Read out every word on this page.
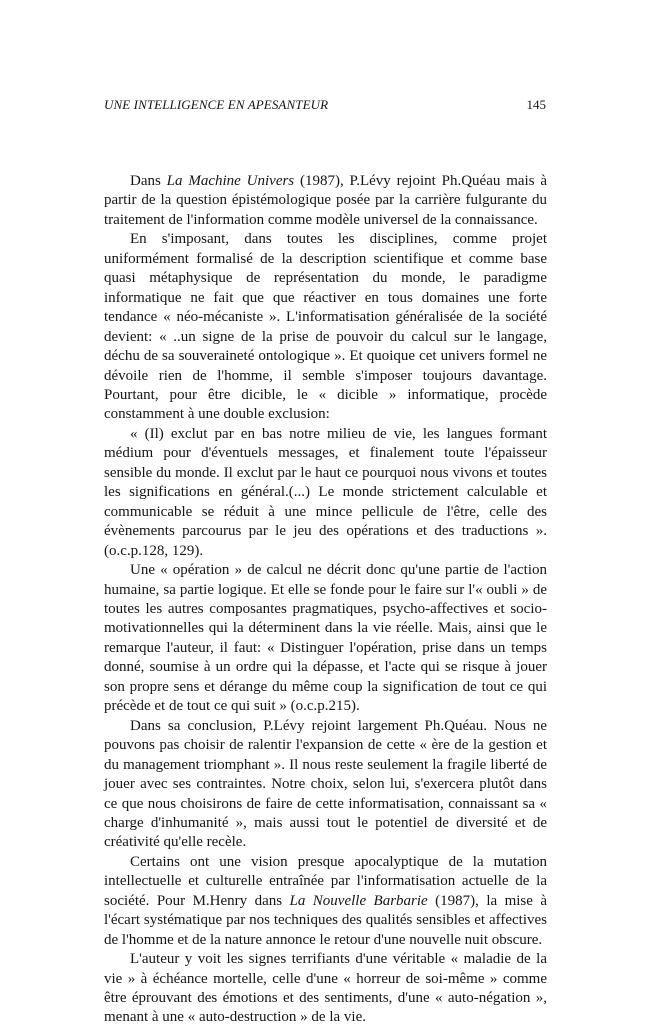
UNE INTELLIGENCE EN APESANTEUR	145

Dans La Machine Univers (1987), P.Lévy rejoint Ph.Quéau mais à partir de la question épistémologique posée par la carrière fulgurante du traitement de l'information comme modèle universel de la connaissance.

En s'imposant, dans toutes les disciplines, comme projet uniformément formalisé de la description scientifique et comme base quasi métaphysique de représentation du monde, le paradigme informatique ne fait que que réactiver en tous domaines une forte tendance « néo-mécaniste ». L'informatisation généralisée de la société devient: « ..un signe de la prise de pouvoir du calcul sur le langage, déchu de sa souveraineté ontologique ». Et quoique cet univers formel ne dévoile rien de l'homme, il semble s'imposer toujours davantage. Pourtant, pour être dicible, le « dicible » informatique, procède constamment à une double exclusion:

« (Il) exclut par en bas notre milieu de vie, les langues formant médium pour d'éventuels messages, et finalement toute l'épaisseur sensible du monde. Il exclut par le haut ce pourquoi nous vivons et toutes les significations en général.(...) Le monde strictement calculable et communicable se réduit à une mince pellicule de l'être, celle des évènements parcourus par le jeu des opérations et des traductions ». (o.c.p.128, 129).

Une « opération » de calcul ne décrit donc qu'une partie de l'action humaine, sa partie logique. Et elle se fonde pour le faire sur l'« oubli » de toutes les autres composantes pragmatiques, psycho-affectives et socio-motivationnelles qui la déterminent dans la vie réelle. Mais, ainsi que le remarque l'auteur, il faut: « Distinguer l'opération, prise dans un temps donné, soumise à un ordre qui la dépasse, et l'acte qui se risque à jouer son propre sens et dérange du même coup la signification de tout ce qui précède et de tout ce qui suit » (o.c.p.215).

Dans sa conclusion, P.Lévy rejoint largement Ph.Quéau. Nous ne pouvons pas choisir de ralentir l'expansion de cette « ère de la gestion et du management triomphant ». Il nous reste seulement la fragile liberté de jouer avec ses contraintes. Notre choix, selon lui, s'exercera plutôt dans ce que nous choisirons de faire de cette informatisation, connaissant sa « charge d'inhumanité », mais aussi tout le potentiel de diversité et de créativité qu'elle recèle.

Certains ont une vision presque apocalyptique de la mutation intellectuelle et culturelle entraînée par l'informatisation actuelle de la société. Pour M.Henry dans La Nouvelle Barbarie (1987), la mise à l'écart systématique par nos techniques des qualités sensibles et affectives de l'homme et de la nature annonce le retour d'une nouvelle nuit obscure.

L'auteur y voit les signes terrifiants d'une véritable « maladie de la vie » à échéance mortelle, celle d'une « horreur de soi-même » comme être éprouvant des émotions et des sentiments, d'une « auto-négation », menant à une « auto-destruction » de la vie.
